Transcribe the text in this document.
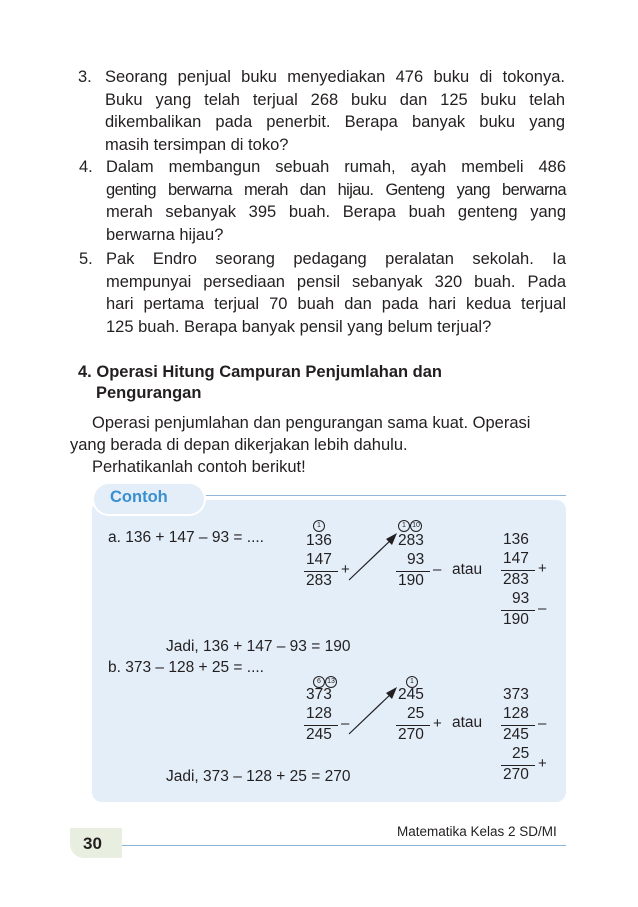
3. Seorang penjual buku menyediakan 476 buku di tokonya.
Buku yang telah terjual 268 buku dan 125 buku telah
dikembalikan pada penerbit. Berapa banyak buku yang
masih tersimpan di toko?
4. Dalam membangun sebuah rumah, ayah membeli 486
genting berwarna merah dan hijau. Genteng yang berwarna
merah sebanyak 395 buah. Berapa buah genteng yang
berwarna hijau?
5. Pak Endro seorang pedagang peralatan sekolah. Ia
mempunyai persediaan pensil sebanyak 320 buah. Pada
hari pertama terjual 70 buah dan pada hari kedua terjual
125 buah. Berapa banyak pensil yang belum terjual?
4. Operasi Hitung Campuran Penjumlahan dan
Pengurangan
Operasi penjumlahan dan pengurangan sama kuat. Operasi
yang berada di depan dikerjakan lebih dahulu.
Perhatikanlah contoh berikut!
Contoh
a. 136 + 147 – 93 = ....
1
136
147
+
283
1 10
283
93
–
190
atau
136
147
+
283
93
–
190
Jadi, 136 + 147 – 93 = 190
b. 373 – 128 + 25 = ....
6 13
373
128
–
245
1
245
25
+
270
atau
373
128
–
245
25
+
270
Jadi, 373 – 128 + 25 = 270
30
Matematika Kelas 2 SD/MI
